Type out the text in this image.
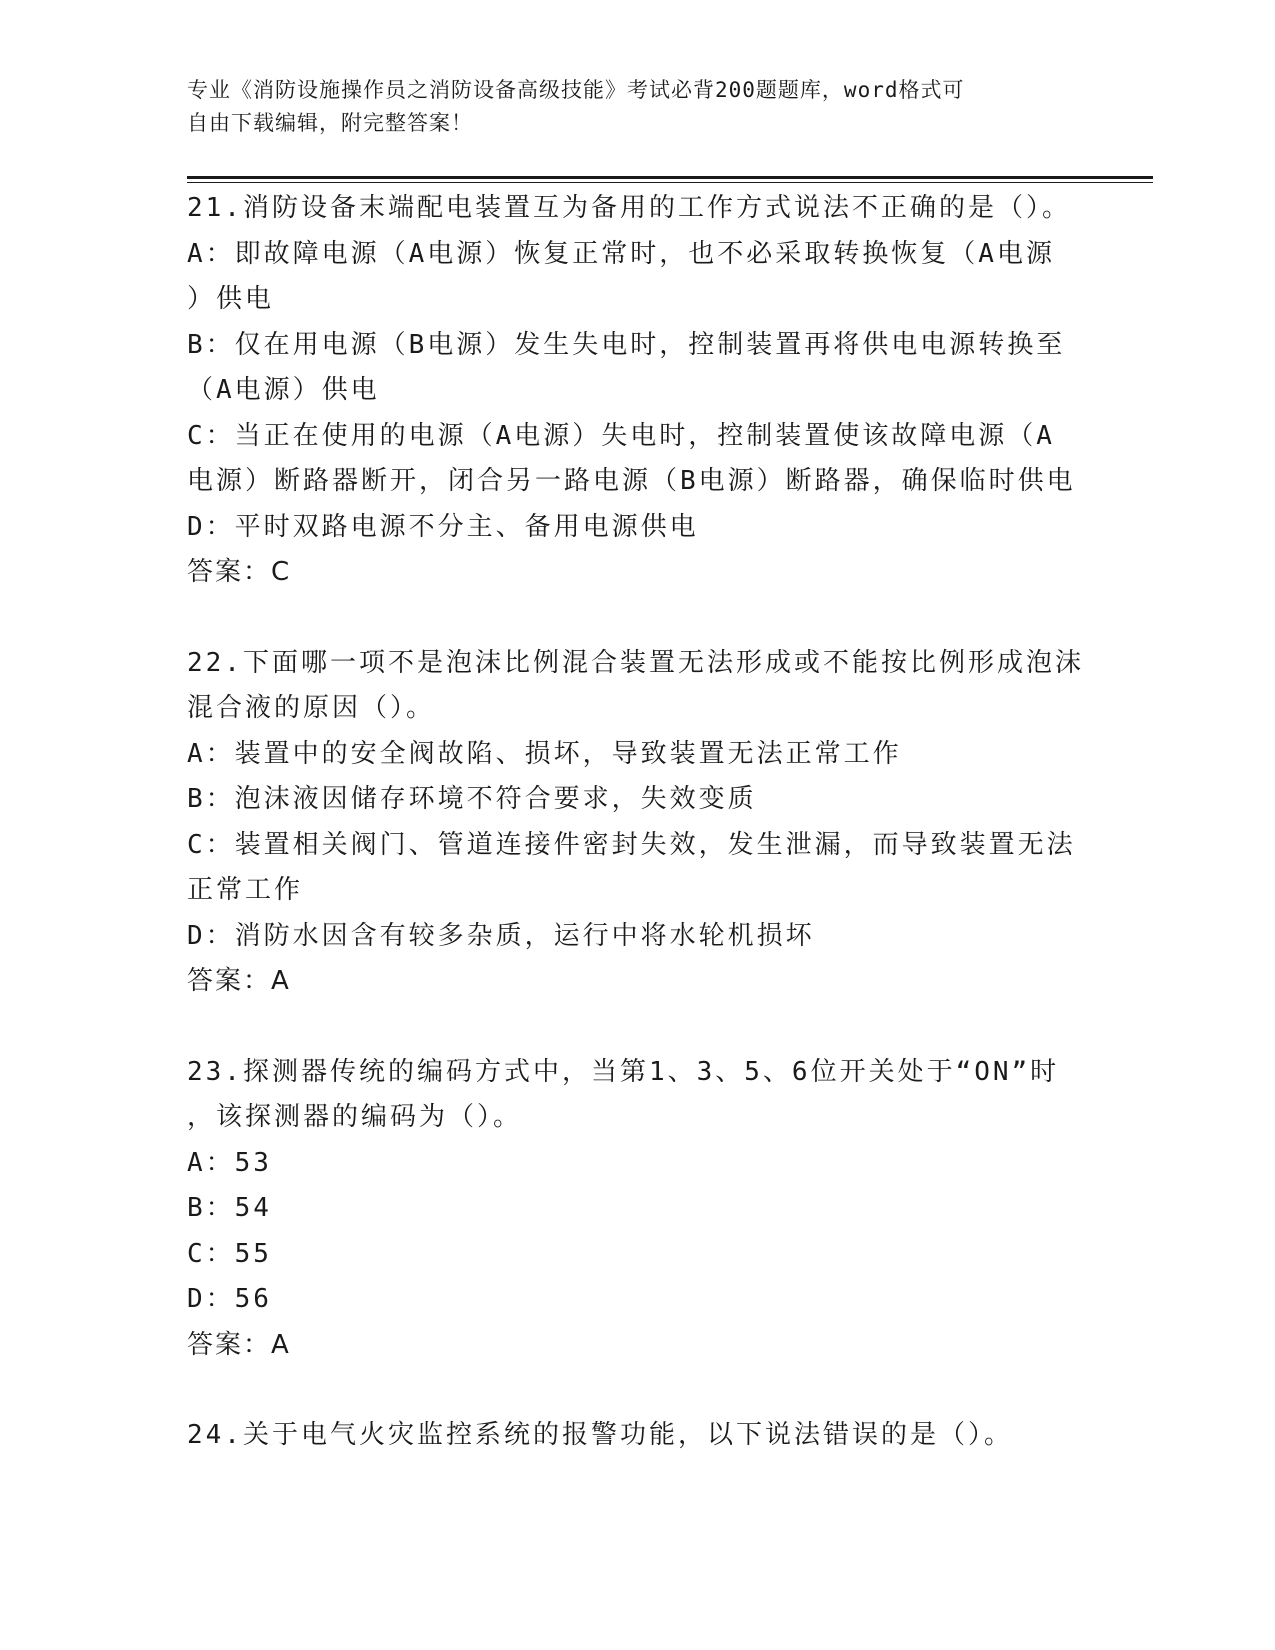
专业《消防设施操作员之消防设备高级技能》考试必背200题题库，word格式可
自由下载编辑，附完整答案！
21.消防设备末端配电装置互为备用的工作方式说法不正确的是（）。
A：即故障电源（A电源）恢复正常时，也不必采取转换恢复（A电源
）供电
B：仅在用电源（B电源）发生失电时，控制装置再将供电电源转换至
（A电源）供电
C：当正在使用的电源（A电源）失电时，控制装置使该故障电源（A
电源）断路器断开，闭合另一路电源（B电源）断路器，确保临时供电
D：平时双路电源不分主、备用电源供电
答案：C
22.下面哪一项不是泡沫比例混合装置无法形成或不能按比例形成泡沫
混合液的原因（）。
A：装置中的安全阀故陷、损坏，导致装置无法正常工作
B：泡沫液因储存环境不符合要求，失效变质
C：装置相关阀门、管道连接件密封失效，发生泄漏，而导致装置无法
正常工作
D：消防水因含有较多杂质，运行中将水轮机损坏
答案：A
23.探测器传统的编码方式中，当第1、3、5、6位开关处于“ON”时
，该探测器的编码为（）。
A：53
B：54
C：55
D：56
答案：A
24.关于电气火灾监控系统的报警功能，以下说法错误的是（）。
